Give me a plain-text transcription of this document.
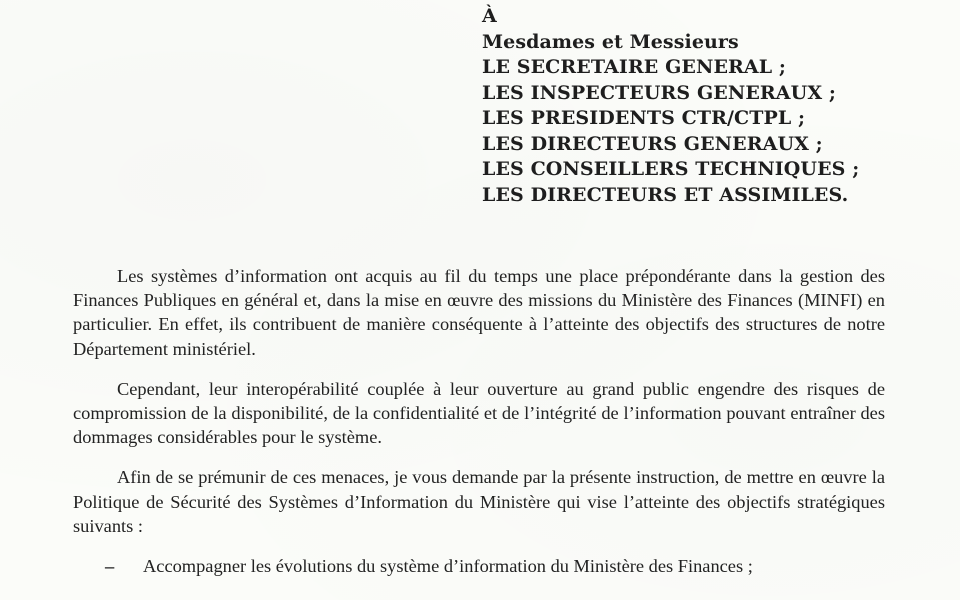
À
Mesdames et Messieurs
LE SECRETAIRE GENERAL ;
LES INSPECTEURS GENERAUX ;
LES PRESIDENTS CTR/CTPL ;
LES DIRECTEURS GENERAUX ;
LES CONSEILLERS TECHNIQUES ;
LES DIRECTEURS ET ASSIMILES.

Les systèmes d’information ont acquis au fil du temps une place prépondérante dans la gestion des Finances Publiques en général et, dans la mise en œuvre des missions du Ministère des Finances (MINFI) en particulier. En effet, ils contribuent de manière conséquente à l’atteinte des objectifs des structures de notre Département ministériel.

Cependant, leur interopérabilité couplée à leur ouverture au grand public engendre des risques de compromission de la disponibilité, de la confidentialité et de l’intégrité de l’information pouvant entraîner des dommages considérables pour le système.

Afin de se prémunir de ces menaces, je vous demande par la présente instruction, de mettre en œuvre la Politique de Sécurité des Systèmes d’Information du Ministère qui vise l’atteinte des objectifs stratégiques suivants :

– Accompagner les évolutions du système d’information du Ministère des Finances ;
